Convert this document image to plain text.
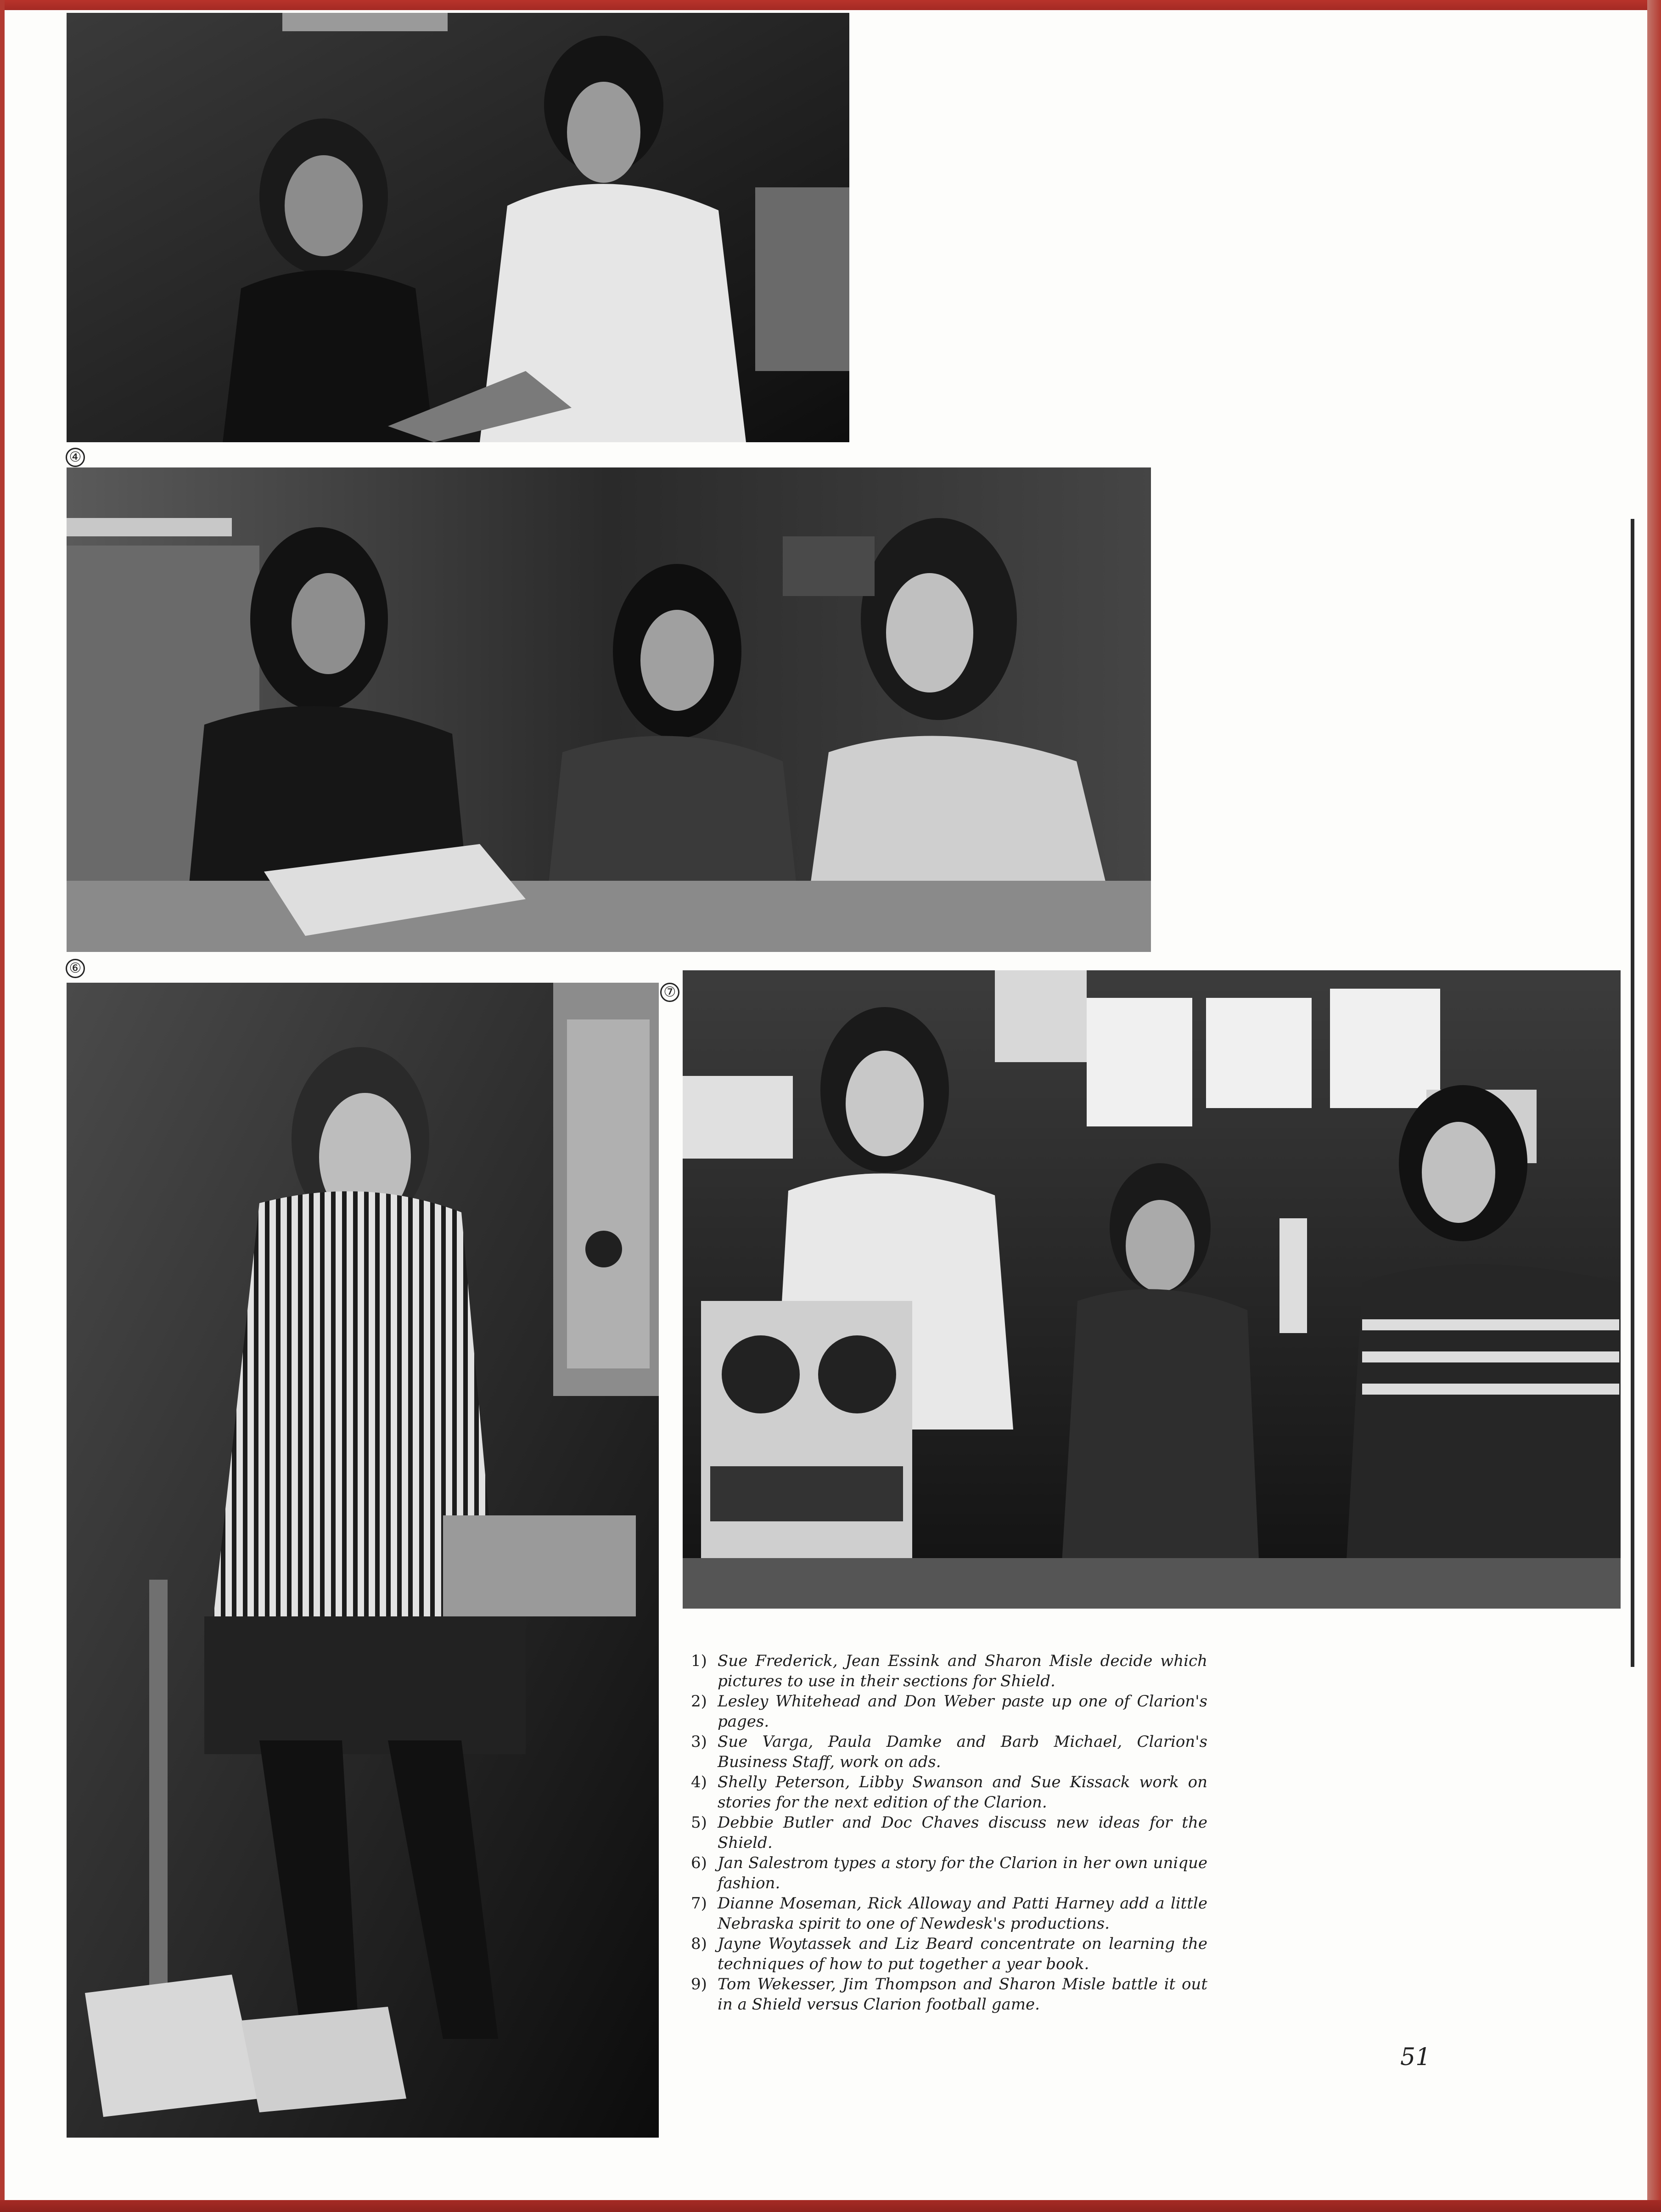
④
⑥
⑦
1) Sue Frederick, Jean Essink and Sharon Misle decide which pictures to use in their sections for Shield.
2) Lesley Whitehead and Don Weber paste up one of Clarion's pages.
3) Sue Varga, Paula Damke and Barb Michael, Clarion's Business Staff, work on ads.
4) Shelly Peterson, Libby Swanson and Sue Kissack work on stories for the next edition of the Clarion.
5) Debbie Butler and Doc Chaves discuss new ideas for the Shield.
6) Jan Salestrom types a story for the Clarion in her own unique fashion.
7) Dianne Moseman, Rick Alloway and Patti Harney add a little Nebraska spirit to one of Newdesk's productions.
8) Jayne Woytassek and Liz Beard concentrate on learning the techniques of how to put together a year book.
9) Tom Wekesser, Jim Thompson and Sharon Misle battle it out in a Shield versus Clarion football game.
51
